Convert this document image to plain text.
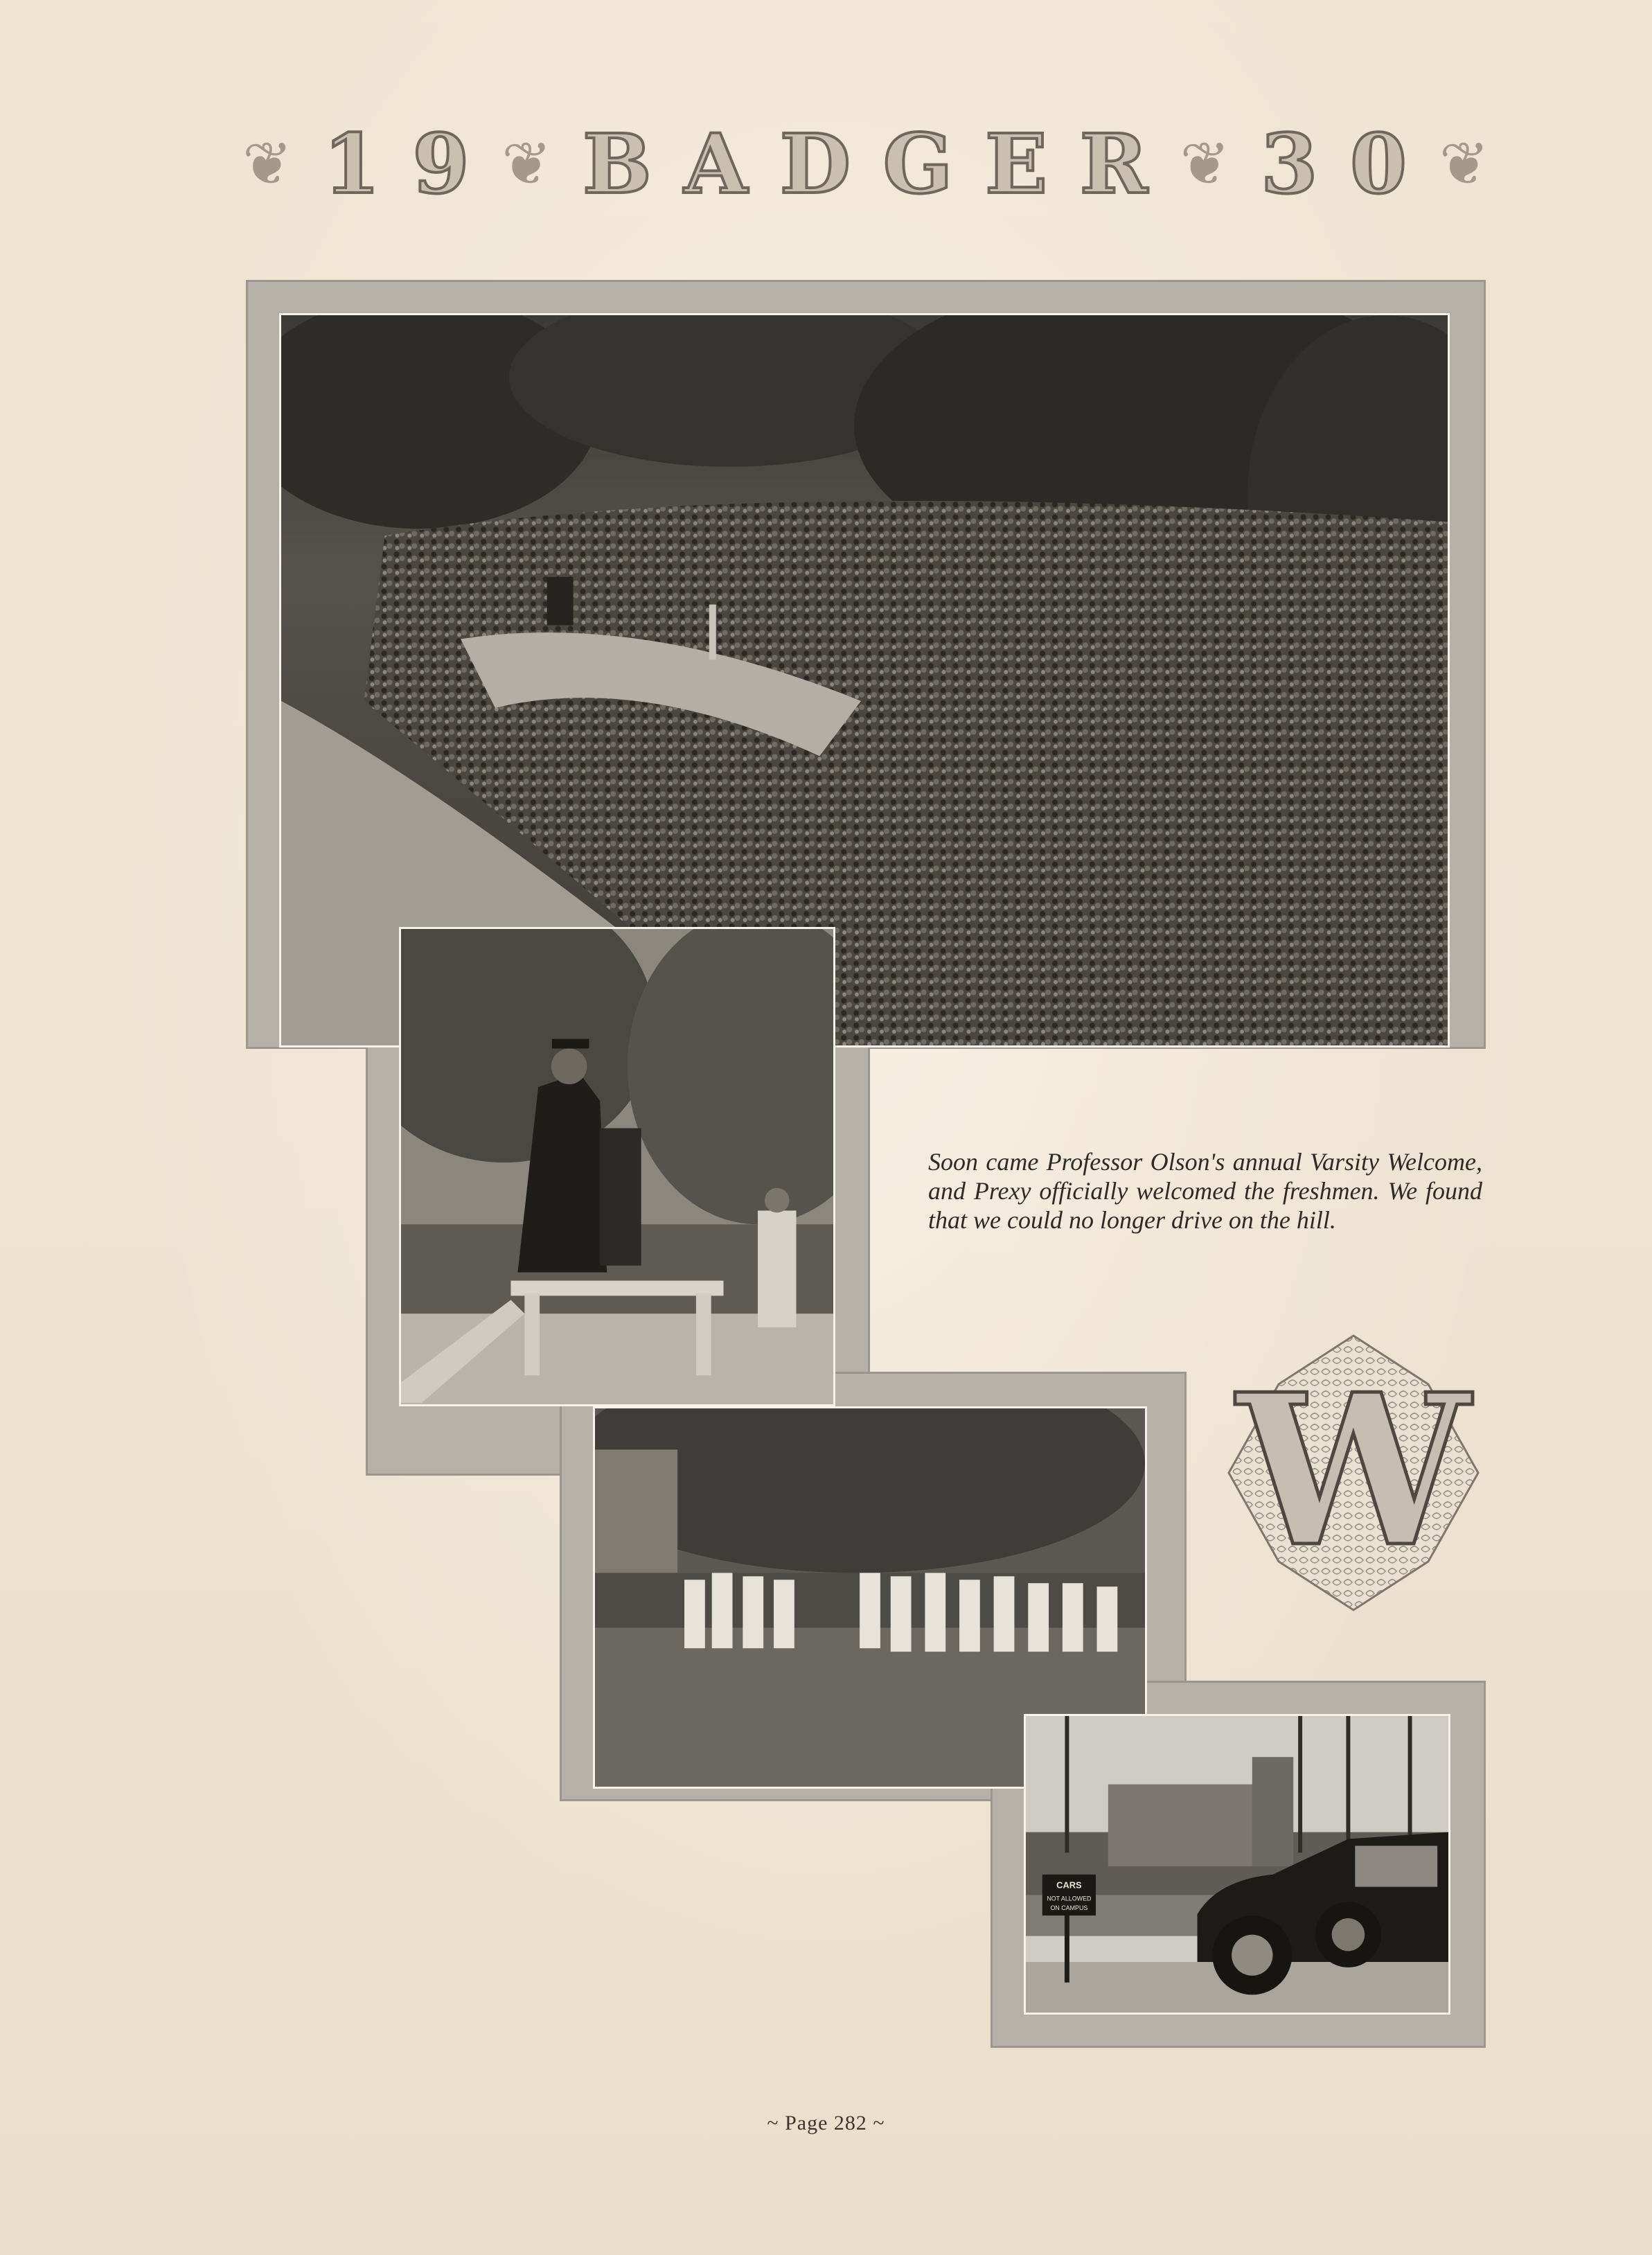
❦ 1 9 ❦ B A D G E R ❦ 3 0 ❦
CARS
NOT ALLOWED
ON CAMPUS
Soon came Professor Olson's annual Varsity Welcome, and Prexy officially welcomed the freshmen. We found that we could no longer drive on the hill.
W
~ Page 282 ~
